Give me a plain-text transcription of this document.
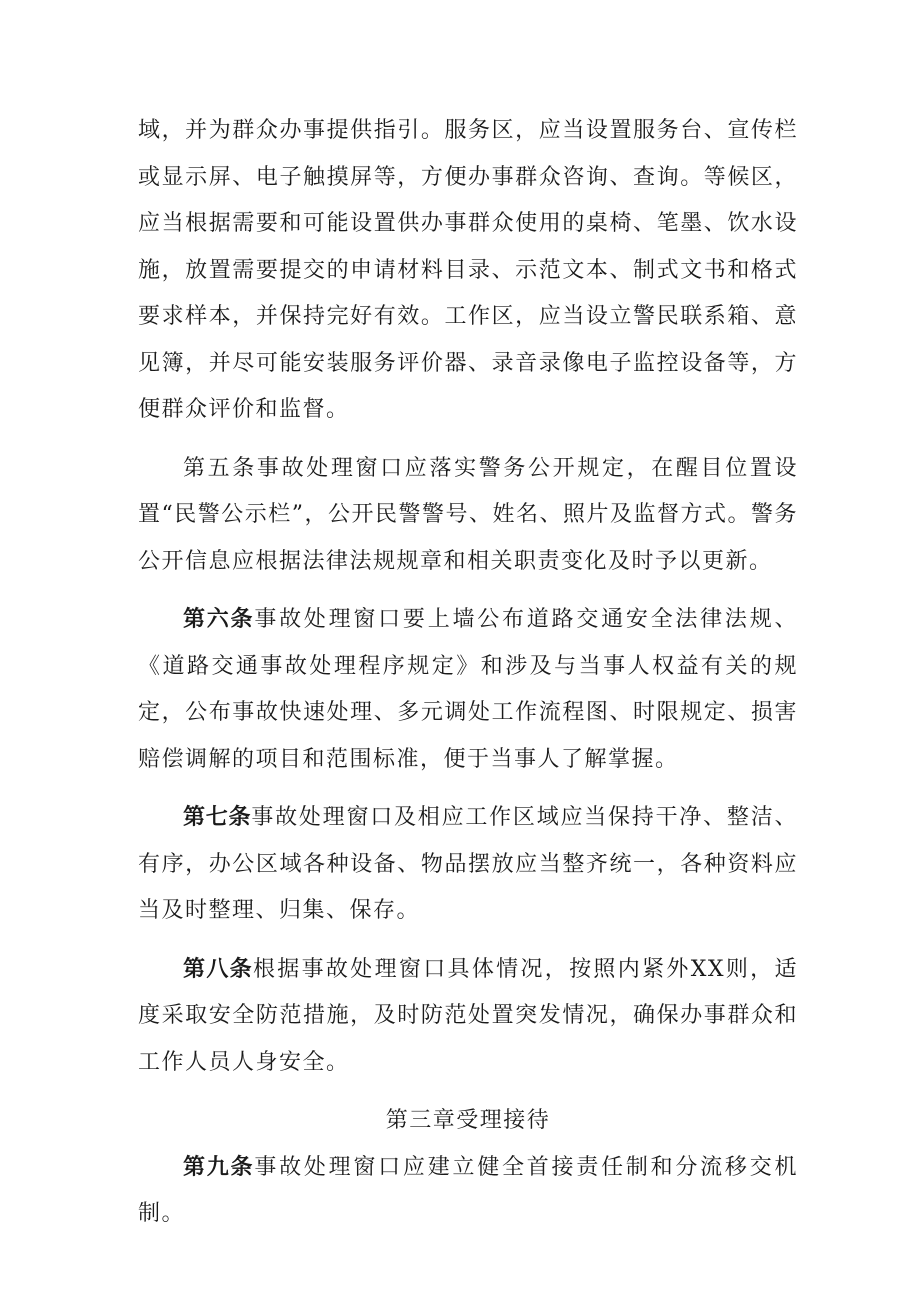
域，并为群众办事提供指引。服务区，应当设置服务台、宣传栏或显示屏、电子触摸屏等，方便办事群众咨询、查询。等候区，应当根据需要和可能设置供办事群众使用的桌椅、笔墨、饮水设施，放置需要提交的申请材料目录、示范文本、制式文书和格式要求样本，并保持完好有效。工作区，应当设立警民联系箱、意见簿，并尽可能安装服务评价器、录音录像电子监控设备等，方便群众评价和监督。

第五条事故处理窗口应落实警务公开规定，在醒目位置设置“民警公示栏”，公开民警警号、姓名、照片及监督方式。警务公开信息应根据法律法规规章和相关职责变化及时予以更新。

第六条事故处理窗口要上墙公布道路交通安全法律法规、《道路交通事故处理程序规定》和涉及与当事人权益有关的规定，公布事故快速处理、多元调处工作流程图、时限规定、损害赔偿调解的项目和范围标准，便于当事人了解掌握。

第七条事故处理窗口及相应工作区域应当保持干净、整洁、有序，办公区域各种设备、物品摆放应当整齐统一，各种资料应当及时整理、归集、保存。

第八条根据事故处理窗口具体情况，按照内紧外XX则，适度采取安全防范措施，及时防范处置突发情况，确保办事群众和工作人员人身安全。

第三章受理接待

第九条事故处理窗口应建立健全首接责任制和分流移交机制。
